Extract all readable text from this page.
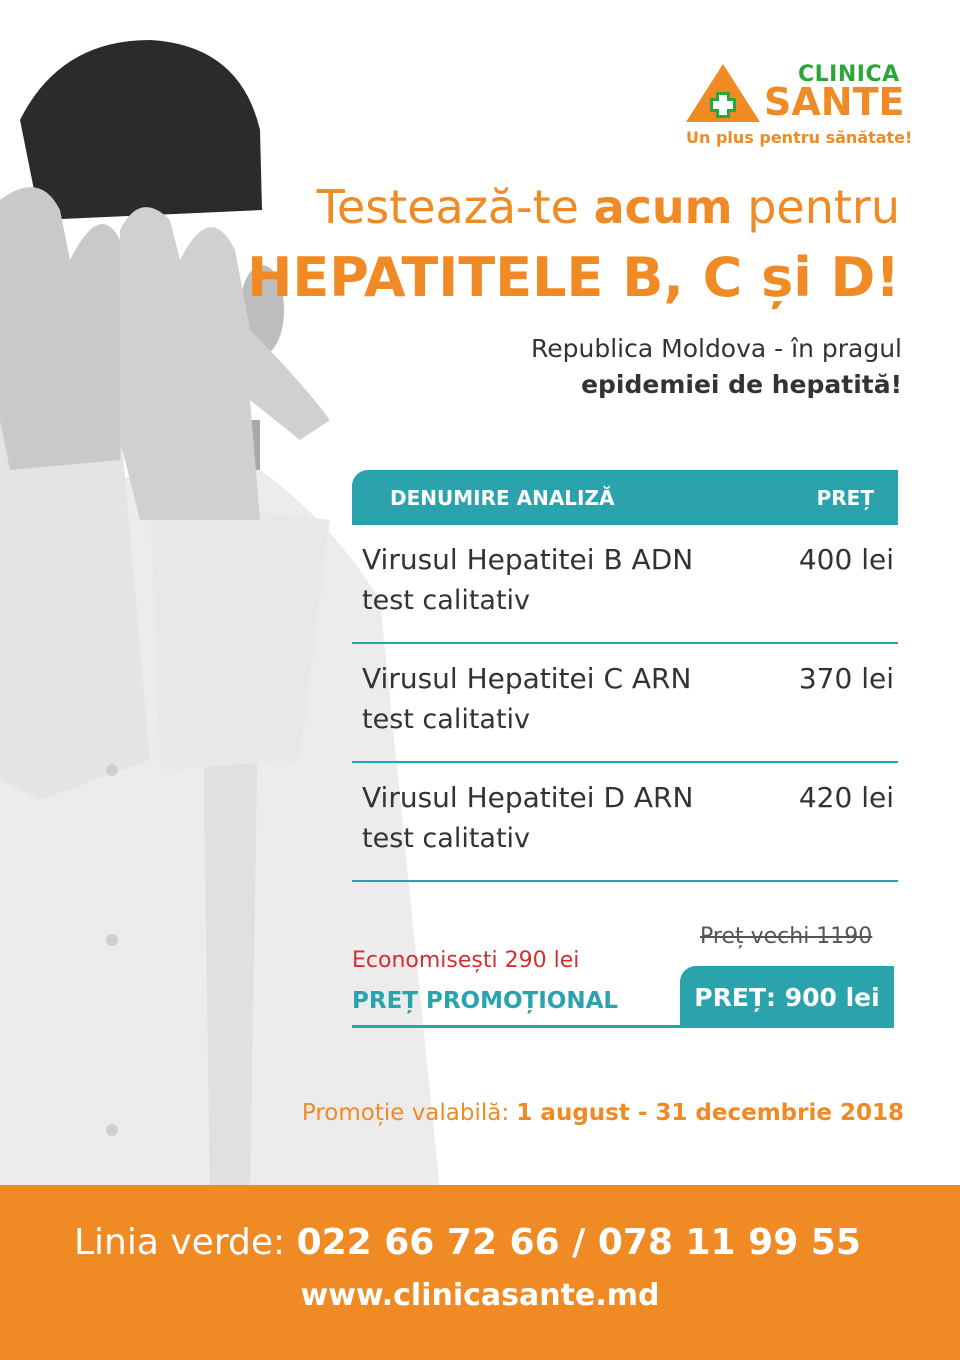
CLINICA
SANTE
Un plus pentru sănătate!
Testează-te acum pentru
HEPATITELE B, C și D!
Republica Moldova - în pragul
epidemiei de hepatită!
DENUMIRE ANALIZĂ	PREȚ
Virusul Hepatitei B ADN
test calitativ
400 lei
Virusul Hepatitei C ARN
test calitativ
370 lei
Virusul Hepatitei D ARN
test calitativ
420 lei
Preț vechi 1190
Economisești 290 lei
PREȚ PROMOȚIONAL	PREȚ: 900 lei
Promoție valabilă: 1 august - 31 decembrie 2018
Linia verde: 022 66 72 66 / 078 11 99 55
www.clinicasante.md
